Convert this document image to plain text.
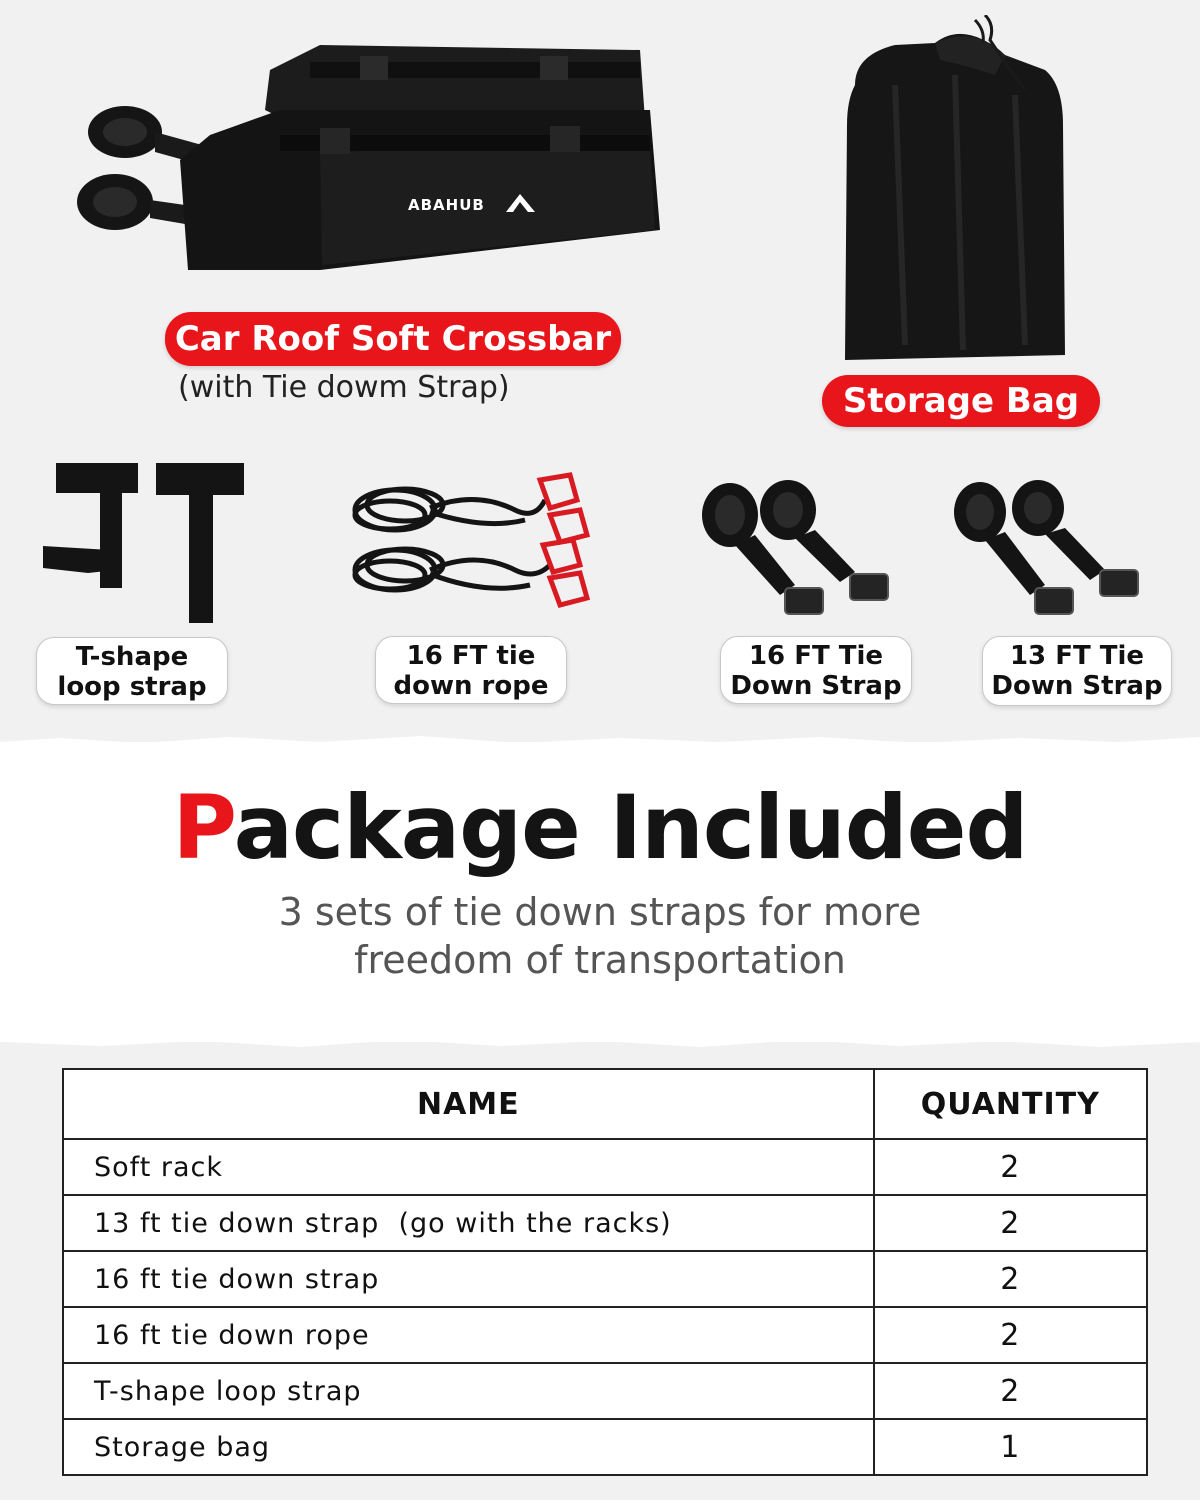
ABAHUB
Car Roof Soft Crossbar
(with Tie dowm Strap)	Storage Bag
T-shape
loop strap
16 FT tie
down rope
16 FT Tie
Down Strap
13 FT Tie
Down Strap
Package Included
3 sets of tie down straps for more
freedom of transportation
NAME	QUANTITY
Soft rack	2
13 ft tie down strap  (go with the racks)	2
16 ft tie down strap	2
16 ft tie down rope	2
T-shape loop strap	2
Storage bag	1
